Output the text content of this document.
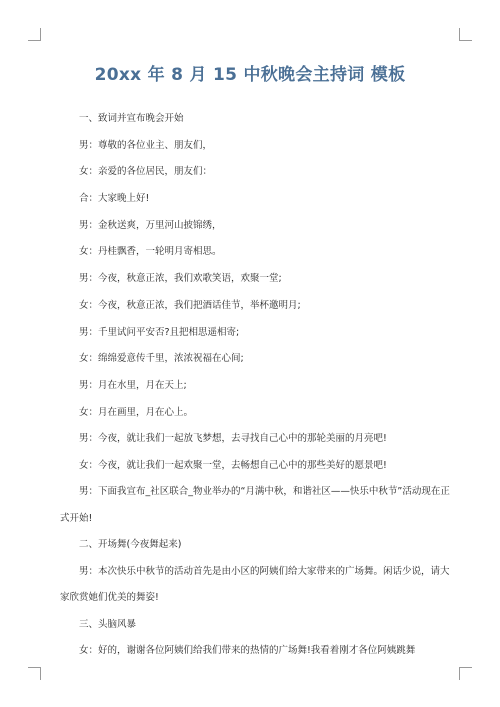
20xx 年 8 月 15 中秋晚会主持词 模板

一、致词并宣布晚会开始

男：尊敬的各位业主、朋友们，

女：亲爱的各位居民，朋友们：

合：大家晚上好!

男：金秋送爽，万里河山披锦绣，

女：丹桂飘香，一轮明月寄相思。

男：今夜，秋意正浓，我们欢歌笑语，欢聚一堂;

女：今夜，秋意正浓，我们把酒话佳节，举杯邀明月;

男：千里试问平安否?且把相思遥相寄;

女：绵绵爱意传千里，浓浓祝福在心间;

男：月在水里，月在天上;

女：月在画里，月在心上。

男：今夜，就让我们一起放飞梦想，去寻找自己心中的那轮美丽的月亮吧!

女：今夜，就让我们一起欢聚一堂，去畅想自己心中的那些美好的愿景吧!

男：下面我宣布_社区联合_物业举办的“月满中秋，和谐社区——快乐中秋节”活动现在正式开始!

二、开场舞(今夜舞起来)

男：本次快乐中秋节的活动首先是由小区的阿姨们给大家带来的广场舞。闲话少说，请大家欣赏她们优美的舞姿!

三、头脑风暴

女：好的，谢谢各位阿姨们给我们带来的热情的广场舞!我看着刚才各位阿姨跳舞
